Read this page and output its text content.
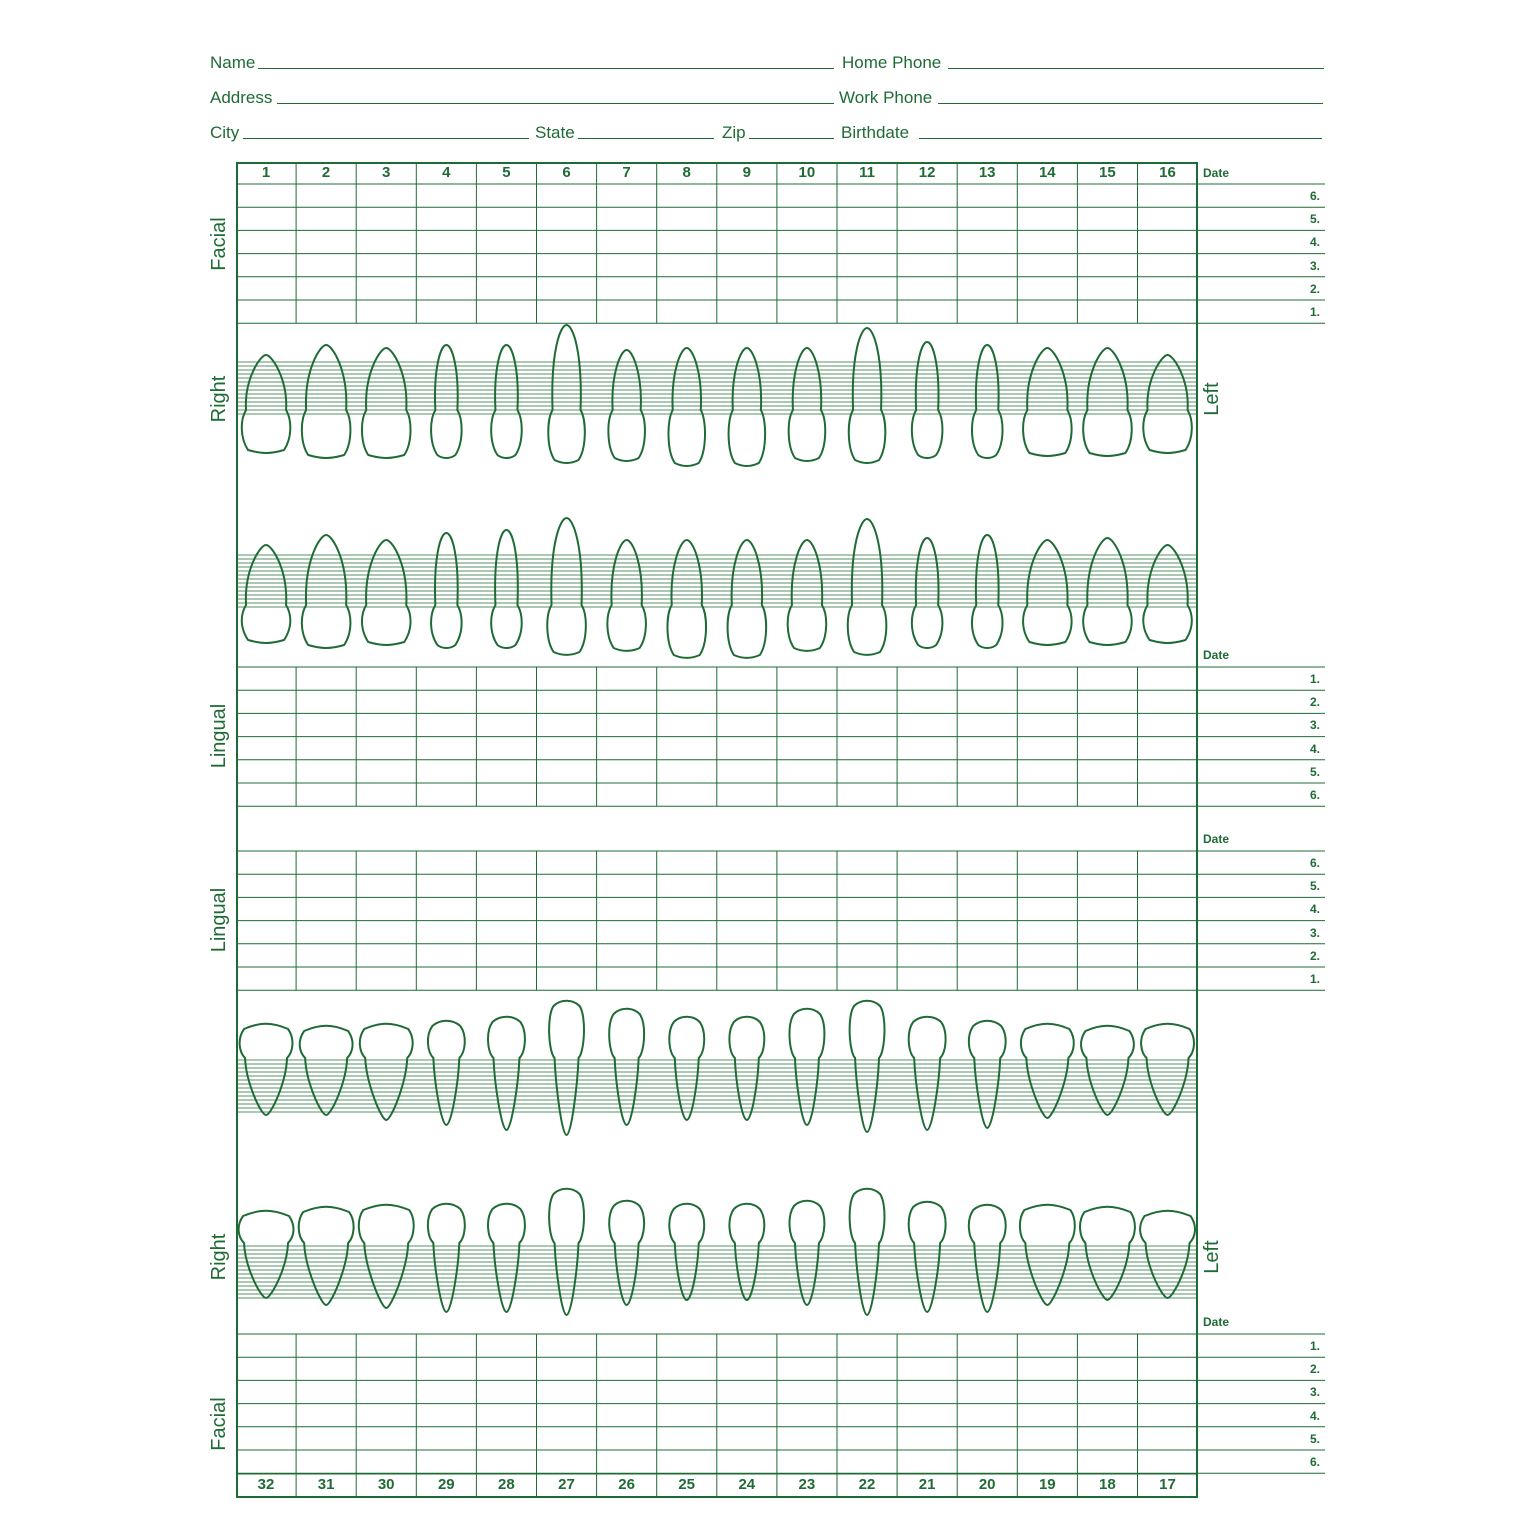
Name	Home Phone
Address	Work Phone
City	State	Zip	Birthdate
1	2	3	4	5	6	7	8	9	10	11	12	13	14	15	16
32	31	30	29	28	27	26	25	24	23	22	21	20	19	18	17
Facial
Right	Left
Lingual
Lingual
Right	Left
Facial
Date
Date
Date
Date
6.
5.
4.
3.
2.
1.
1.
2.
3.
4.
5.
6.
6.
5.
4.
3.
2.
1.
1.
2.
3.
4.
5.
6.
